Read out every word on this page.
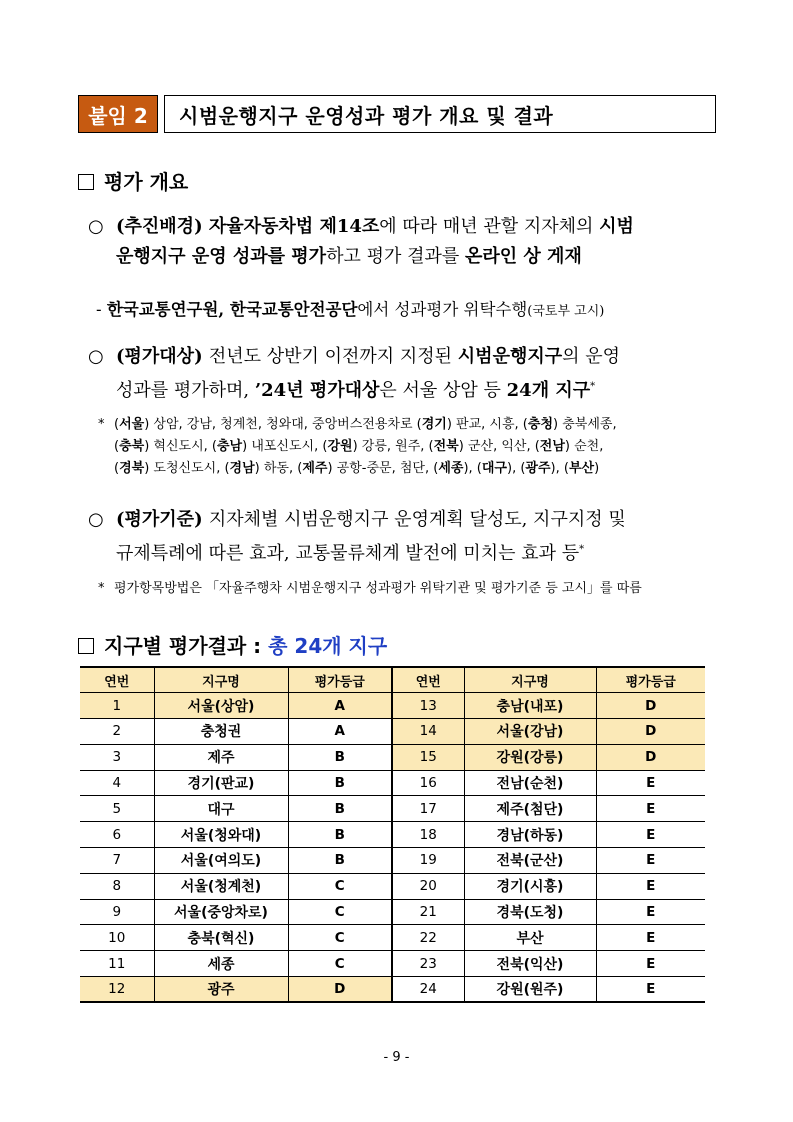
붙임 2	시범운행지구 운영성과 평가 개요 및 결과
평가 개요
○ (추진배경) 자율자동차법 제14조에 따라 매년 관할 지자체의 시범
운행지구 운영 성과를 평가하고 평가 결과를 온라인 상 게재
- 한국교통연구원, 한국교통안전공단에서 성과평가 위탁수행(국토부 고시)
○ (평가대상) 전년도 상반기 이전까지 지정된 시범운행지구의 운영
성과를 평가하며, ’24년 평가대상은 서울 상암 등 24개 지구*
* (서울) 상암, 강남, 청계천, 청와대, 중앙버스전용차로 (경기) 판교, 시흥, (충청) 충북세종,
(충북) 혁신도시, (충남) 내포신도시, (강원) 강릉, 원주, (전북) 군산, 익산, (전남) 순천,
(경북) 도청신도시, (경남) 하동, (제주) 공항-중문, 첨단, (세종), (대구), (광주), (부산)
○ (평가기준) 지자체별 시범운행지구 운영계획 달성도, 지구지정 및
규제특례에 따른 효과, 교통물류체계 발전에 미치는 효과 등*
* 평가항목방법은 「자율주행차 시범운행지구 성과평가 위탁기관 및 평가기준 등 고시」를 따름
지구별 평가결과 : 총 24개 지구
연번	지구명	평가등급	연번	지구명	평가등급
1	서울(상암)	A	13	충남(내포)	D
2	충청권	A	14	서울(강남)	D
3	제주	B	15	강원(강릉)	D
4	경기(판교)	B	16	전남(순천)	E
5	대구	B	17	제주(첨단)	E
6	서울(청와대)	B	18	경남(하동)	E
7	서울(여의도)	B	19	전북(군산)	E
8	서울(청계천)	C	20	경기(시흥)	E
9	서울(중앙차로)	C	21	경북(도청)	E
10	충북(혁신)	C	22	부산	E
11	세종	C	23	전북(익산)	E
12	광주	D	24	강원(원주)	E
- 9 -
